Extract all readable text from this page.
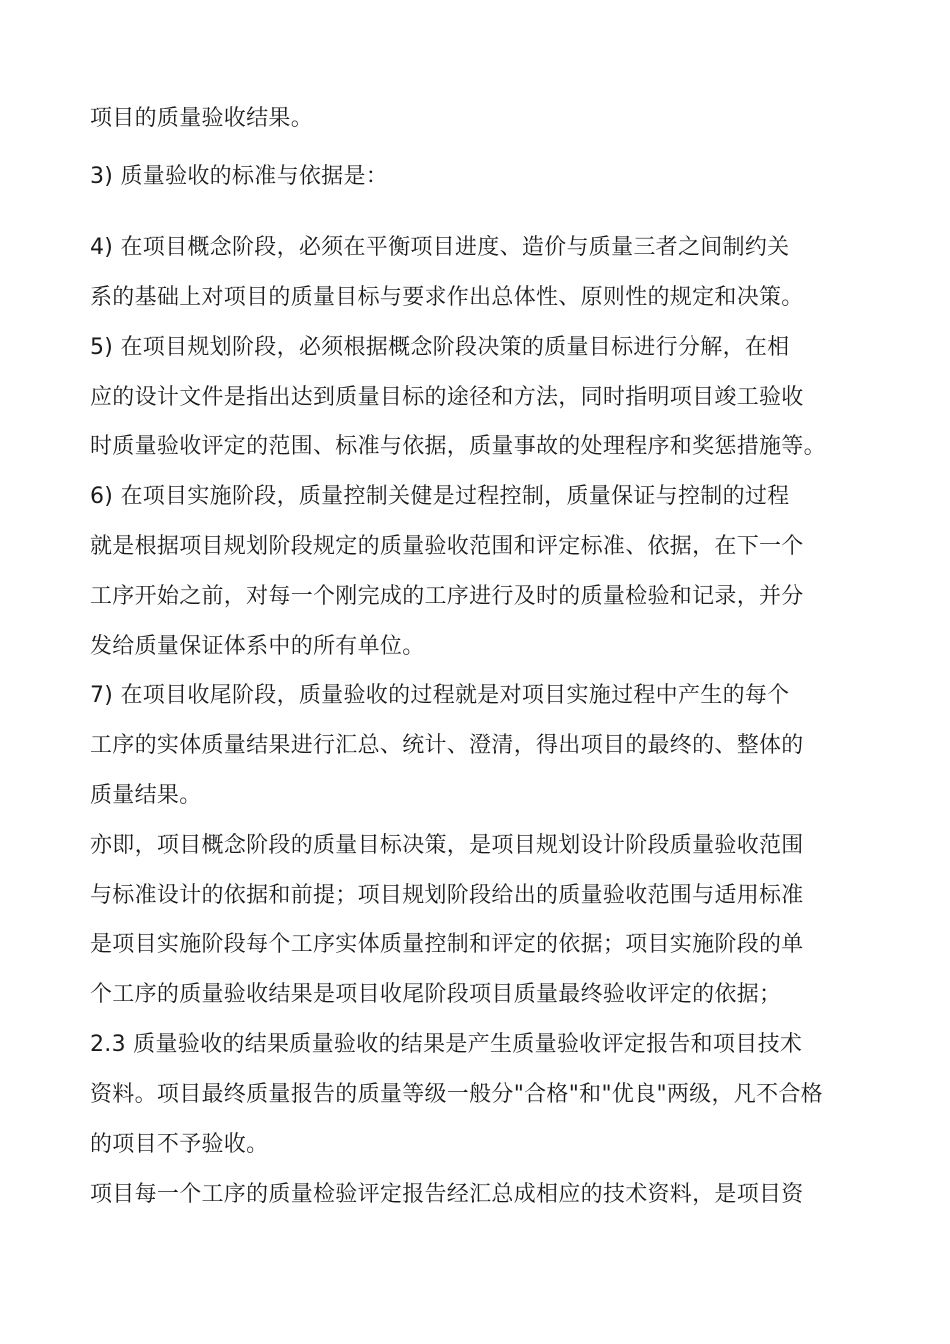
项目的质量验收结果。
3) 质量验收的标准与依据是：
4) 在项目概念阶段，必须在平衡项目进度、造价与质量三者之间制约关
系的基础上对项目的质量目标与要求作出总体性、原则性的规定和决策。
5) 在项目规划阶段，必须根据概念阶段决策的质量目标进行分解，在相
应的设计文件是指出达到质量目标的途径和方法，同时指明项目竣工验收
时质量验收评定的范围、标准与依据，质量事故的处理程序和奖惩措施等。
6) 在项目实施阶段，质量控制关健是过程控制，质量保证与控制的过程
就是根据项目规划阶段规定的质量验收范围和评定标准、依据，在下一个
工序开始之前，对每一个刚完成的工序进行及时的质量检验和记录，并分
发给质量保证体系中的所有单位。
7) 在项目收尾阶段，质量验收的过程就是对项目实施过程中产生的每个
工序的实体质量结果进行汇总、统计、澄清，得出项目的最终的、整体的
质量结果。
亦即，项目概念阶段的质量目标决策，是项目规划设计阶段质量验收范围
与标准设计的依据和前提；项目规划阶段给出的质量验收范围与适用标准
是项目实施阶段每个工序实体质量控制和评定的依据；项目实施阶段的单
个工序的质量验收结果是项目收尾阶段项目质量最终验收评定的依据；
2.3 质量验收的结果质量验收的结果是产生质量验收评定报告和项目技术
资料。项目最终质量报告的质量等级一般分"合格"和"优良"两级，凡不合格
的项目不予验收。
项目每一个工序的质量检验评定报告经汇总成相应的技术资料，是项目资
